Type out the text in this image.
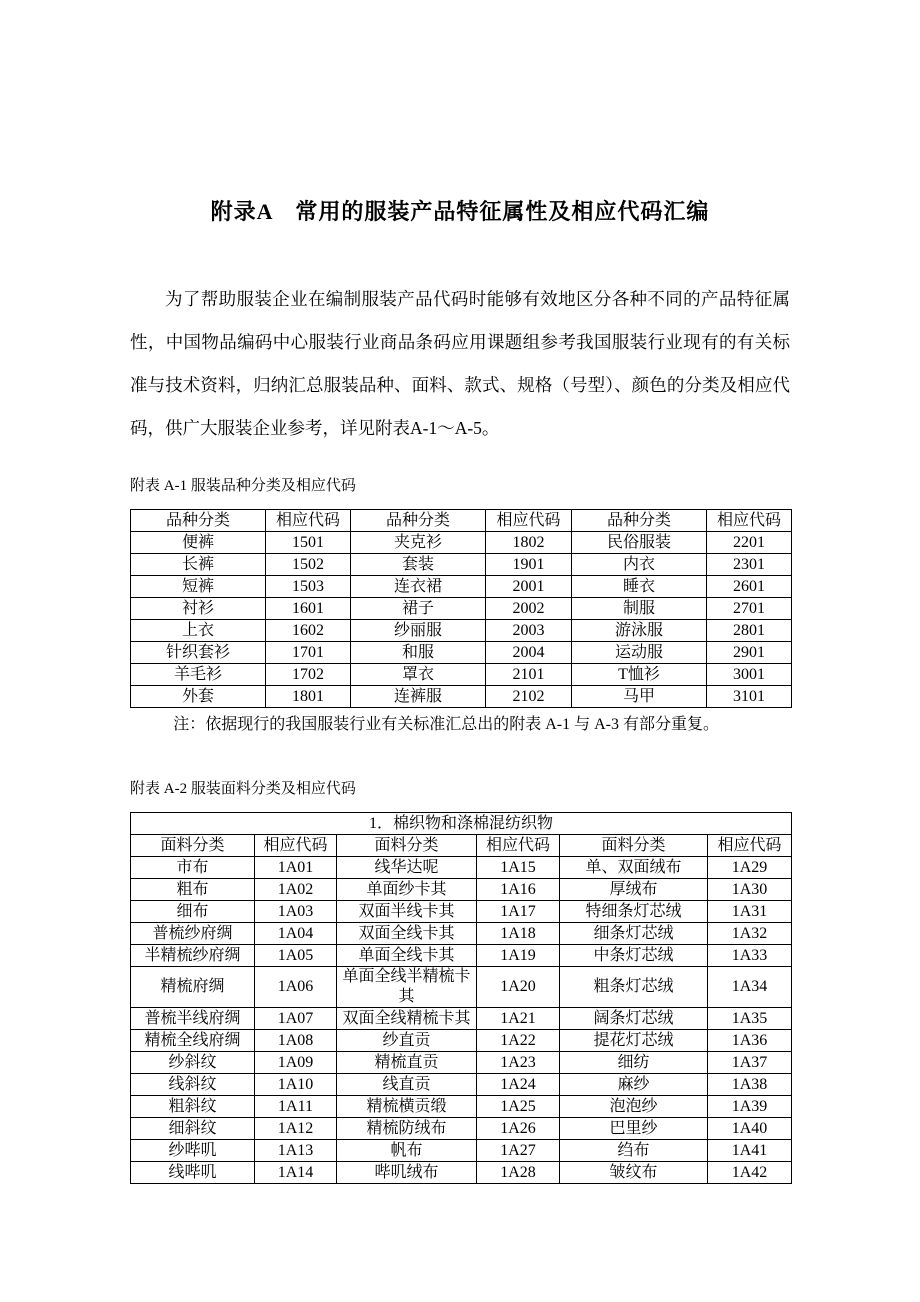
附录A　常用的服装产品特征属性及相应代码汇编

为了帮助服装企业在编制服装产品代码时能够有效地区分各种不同的产品特征属性，中国物品编码中心服装行业商品条码应用课题组参考我国服装行业现有的有关标准与技术资料，归纳汇总服装品种、面料、款式、规格（号型）、颜色的分类及相应代码，供广大服装企业参考，详见附表A-1～A-5。

附表 A-1 服装品种分类及相应代码

品种分类	相应代码	品种分类	相应代码	品种分类	相应代码
便裤	1501	夹克衫	1802	民俗服装	2201
长裤	1502	套装	1901	内衣	2301
短裤	1503	连衣裙	2001	睡衣	2601
衬衫	1601	裙子	2002	制服	2701
上衣	1602	纱丽服	2003	游泳服	2801
针织套衫	1701	和服	2004	运动服	2901
羊毛衫	1702	罩衣	2101	T恤衫	3001
外套	1801	连裤服	2102	马甲	3101

注：依据现行的我国服装行业有关标准汇总出的附表 A-1 与 A-3 有部分重复。

附表 A-2 服装面料分类及相应代码

1．棉织物和涤棉混纺织物					
面料分类	相应代码	面料分类	相应代码	面料分类	相应代码
市布	1A01	线华达呢	1A15	单、双面绒布	1A29
粗布	1A02	单面纱卡其	1A16	厚绒布	1A30
细布	1A03	双面半线卡其	1A17	特细条灯芯绒	1A31
普梳纱府绸	1A04	双面全线卡其	1A18	细条灯芯绒	1A32
半精梳纱府绸	1A05	单面全线卡其	1A19	中条灯芯绒	1A33
精梳府绸	1A06	单面全线半精梳卡其	1A20	粗条灯芯绒	1A34
普梳半线府绸	1A07	双面全线精梳卡其	1A21	阔条灯芯绒	1A35
精梳全线府绸	1A08	纱直贡	1A22	提花灯芯绒	1A36
纱斜纹	1A09	精梳直贡	1A23	细纺	1A37
线斜纹	1A10	线直贡	1A24	麻纱	1A38
粗斜纹	1A11	精梳横贡缎	1A25	泡泡纱	1A39
细斜纹	1A12	精梳防绒布	1A26	巴里纱	1A40
纱哔叽	1A13	帆布	1A27	绉布	1A41
线哔叽	1A14	哔叽绒布	1A28	皱纹布	1A42
